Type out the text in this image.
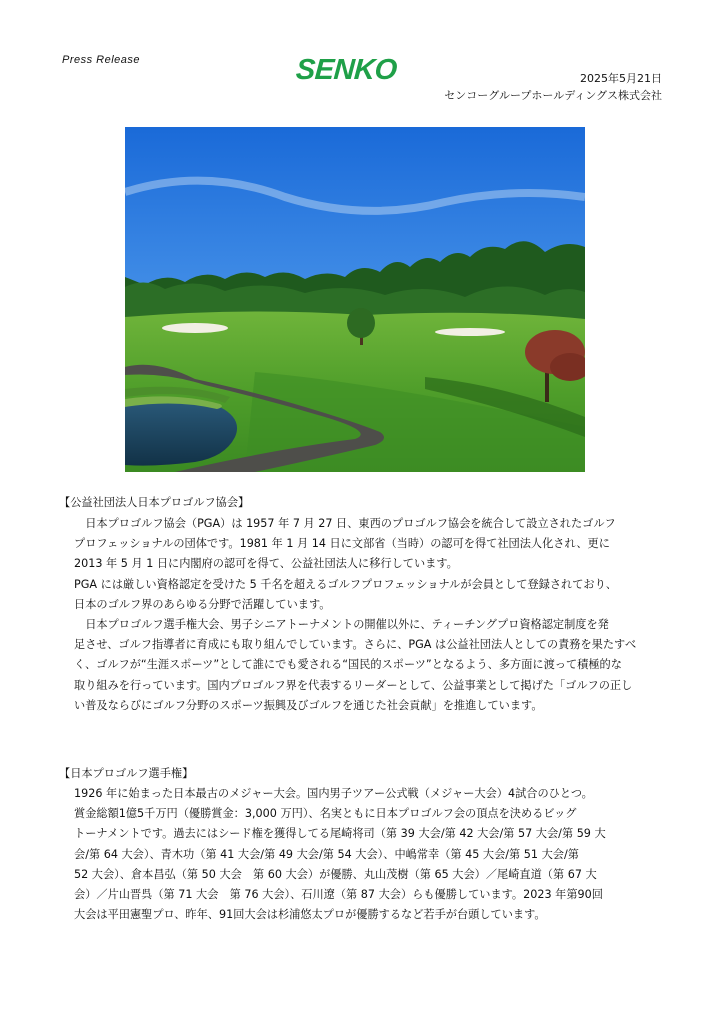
Press Release	SENKO	2025年5月21日
センコーグループホールディングス株式会社
【公益社団法人日本プロゴルフ協会】

　日本プロゴルフ協会（PGA）は 1957 年 7 月 27 日、東西のプロゴルフ協会を統合して設立されたゴルフ

プロフェッショナルの団体です。1981 年 1 月 14 日に文部省（当時）の認可を得て社団法人化され、更に

2013 年 5 月 1 日に内閣府の認可を得て、公益社団法人に移行しています。

PGA には厳しい資格認定を受けた 5 千名を超えるゴルフプロフェッショナルが会員として登録されており、

日本のゴルフ界のあらゆる分野で活躍しています。

　日本プロゴルフ選手権大会、男子シニアトーナメントの開催以外に、ティーチングプロ資格認定制度を発

足させ、ゴルフ指導者に育成にも取り組んでしています。さらに、PGA は公益社団法人としての責務を果たすべ

く、ゴルフが“生涯スポーツ”として誰にでも愛される“国民的スポーツ”となるよう、多方面に渡って積極的な

取り組みを行っています。国内プロゴルフ界を代表するリーダーとして、公益事業として掲げた「ゴルフの正し

い普及ならびにゴルフ分野のスポーツ振興及びゴルフを通じた社会貢献」を推進しています。

【日本プロゴルフ選手権】

1926 年に始まった日本最古のメジャー大会。国内男子ツアー公式戦（メジャー大会）4試合のひとつ。

賞金総額1億5千万円（優勝賞金：3,000 万円）、名実ともに日本プロゴルフ会の頂点を決めるビッグ

トーナメントです。過去にはシード権を獲得してる尾崎将司（第 39 大会/第 42 大会/第 57 大会/第 59 大

会/第 64 大会）、青木功（第 41 大会/第 49 大会/第 54 大会）、中嶋常幸（第 45 大会/第 51 大会/第

52 大会）、倉本昌弘（第 50 大会　第 60 大会）が優勝、丸山茂樹（第 65 大会）／尾崎直道（第 67 大

会）／片山晋呉（第 71 大会　第 76 大会）、石川遼（第 87 大会）らも優勝しています。2023 年第90回

大会は平田憲聖プロ、昨年、91回大会は杉浦悠太プロが優勝するなど若手が台頭しています。
